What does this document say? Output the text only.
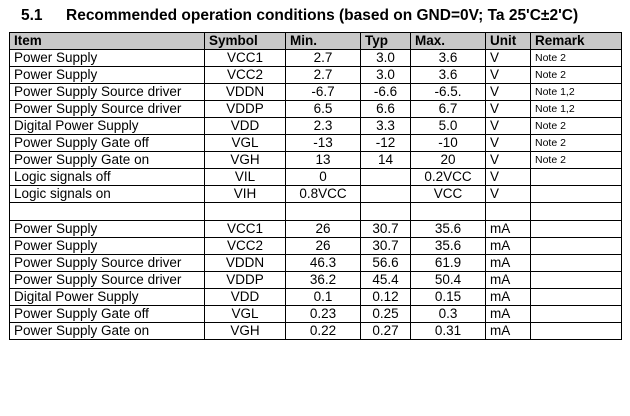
5.1 Recommended operation conditions (based on GND=0V; Ta 25'C±2'C)
Item	Symbol	Min.	Typ	Max.	Unit	Remark
Power Supply	VCC1	2.7	3.0	3.6	V	Note 2
Power Supply	VCC2	2.7	3.0	3.6	V	Note 2
Power Supply Source driver	VDDN	-6.7	-6.6	-6.5.	V	Note 1,2
Power Supply Source driver	VDDP	6.5	6.6	6.7	V	Note 1,2
Digital Power Supply	VDD	2.3	3.3	5.0	V	Note 2
Power Supply Gate off	VGL	-13	-12	-10	V	Note 2
Power Supply Gate on	VGH	13	14	20	V	Note 2
Logic signals off	VIL	0		0.2VCC	V	
Logic signals on	VIH	0.8VCC		VCC	V	

Power Supply	VCC1	26	30.7	35.6	mA	
Power Supply	VCC2	26	30.7	35.6	mA	
Power Supply Source driver	VDDN	46.3	56.6	61.9	mA	
Power Supply Source driver	VDDP	36.2	45.4	50.4	mA	
Digital Power Supply	VDD	0.1	0.12	0.15	mA	
Power Supply Gate off	VGL	0.23	0.25	0.3	mA	
Power Supply Gate on	VGH	0.22	0.27	0.31	mA	
